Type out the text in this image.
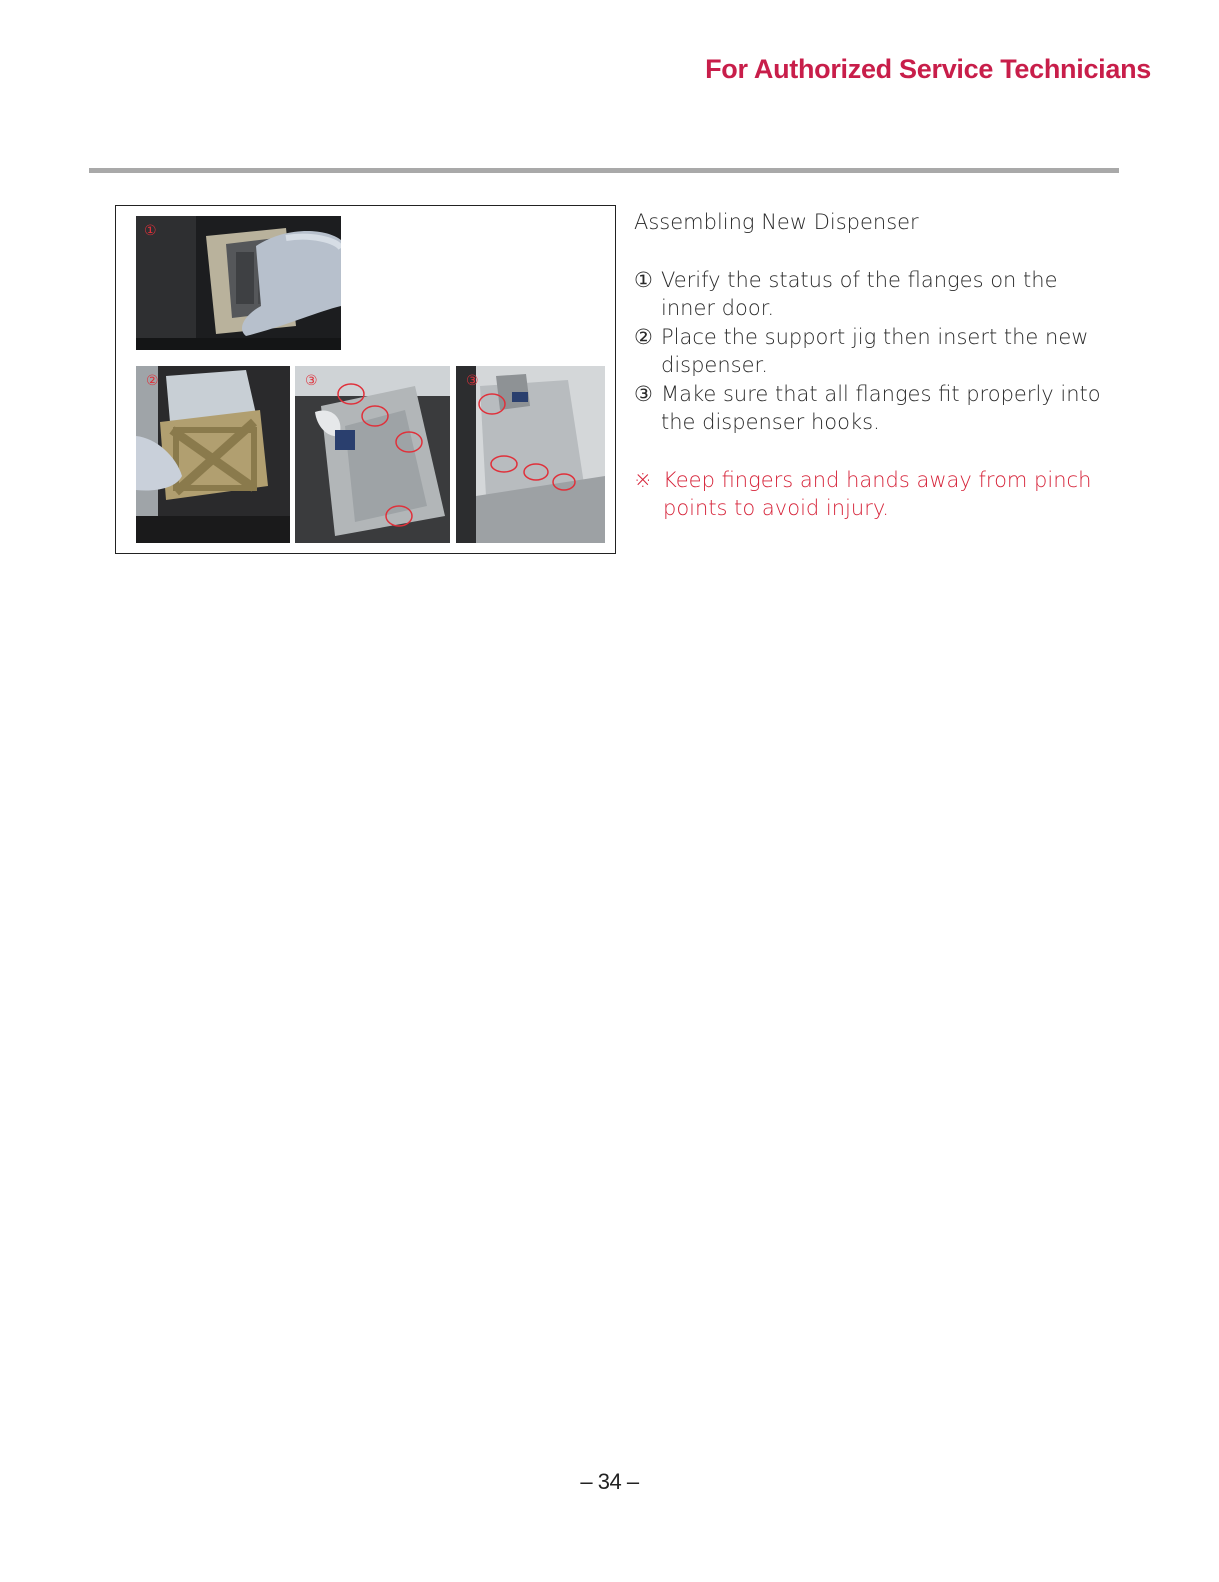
For Authorized Service Technicians
①
②	③	③
Assembling New Dispenser
① Verify the status of the flanges on the inner door.
② Place the support jig then insert the new dispenser.
③ Make sure that all flanges fit properly into the dispenser hooks.
※ Keep fingers and hands away from pinch points to avoid injury.
– 34 –
